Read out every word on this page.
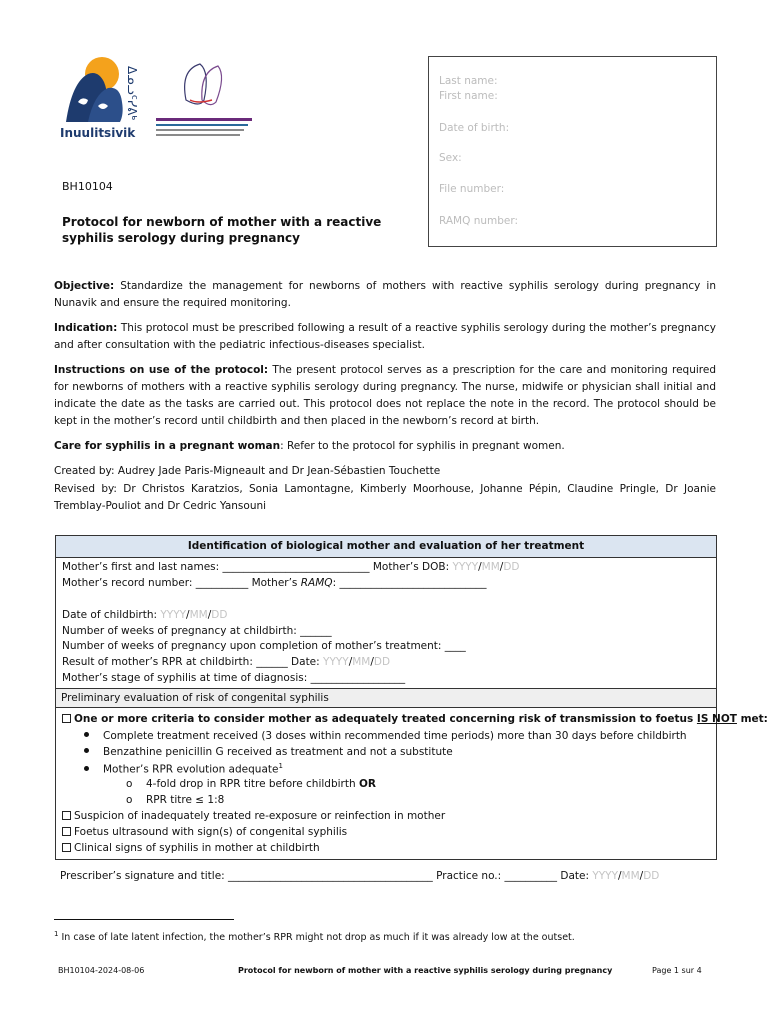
ᐃᓄᓗᑦᓯᕕᒃ
Inuulitsivik
Last name:
First name:
Date of birth:
Sex:
File number:
RAMQ number:
BH10104
Protocol for newborn of mother with a reactive syphilis serology during pregnancy

Objective: Standardize the management for newborns of mothers with reactive syphilis serology during pregnancy in Nunavik and ensure the required monitoring.

Indication: This protocol must be prescribed following a result of a reactive syphilis serology during the mother’s pregnancy and after consultation with the pediatric infectious-diseases specialist.

Instructions on use of the protocol: The present protocol serves as a prescription for the care and monitoring required for newborns of mothers with a reactive syphilis serology during pregnancy. The nurse, midwife or physician shall initial and indicate the date as the tasks are carried out. This protocol does not replace the note in the record. The protocol should be kept in the mother’s record until childbirth and then placed in the newborn’s record at birth.

Care for syphilis in a pregnant woman: Refer to the protocol for syphilis in pregnant women.

Created by: Audrey Jade Paris-Migneault and Dr Jean-Sébastien Touchette

Revised by: Dr Christos Karatzios, Sonia Lamontagne, Kimberly Moorhouse, Johanne Pépin, Claudine Pringle, Dr Joanie Tremblay-Pouliot and Dr Cedric Yansouni

Identification of biological mother and evaluation of her treatment
Mother’s first and last names: ____________________________ Mother’s DOB: YYYY/MM/DD
Mother’s record number: __________ Mother’s RAMQ: ____________________________
Date of childbirth: YYYY/MM/DD
Number of weeks of pregnancy at childbirth: ______
Number of weeks of pregnancy upon completion of mother’s treatment: ____
Result of mother’s RPR at childbirth: ______ Date: YYYY/MM/DD
Mother’s stage of syphilis at time of diagnosis: __________________
Preliminary evaluation of risk of congenital syphilis
One or more criteria to consider mother as adequately treated concerning risk of transmission to foetus IS NOT met:
Complete treatment received (3 doses within recommended time periods) more than 30 days before childbirth
Benzathine penicillin G received as treatment and not a substitute
Mother’s RPR evolution adequate$^1$
o 4-fold drop in RPR titre before childbirth OR
o RPR titre ≤ 1:8
Suspicion of inadequately treated re-exposure or reinfection in mother
Foetus ultrasound with sign(s) of congenital syphilis
Clinical signs of syphilis in mother at childbirth
Prescriber’s signature and title: _______________________________________ Practice no.: __________ Date: YYYY/MM/DD
$^1$ In case of late latent infection, the mother’s RPR might not drop as much if it was already low at the outset.
BH10104-2024-08-06	Protocol for newborn of mother with a reactive syphilis serology during pregnancy	Page 1 sur 4
